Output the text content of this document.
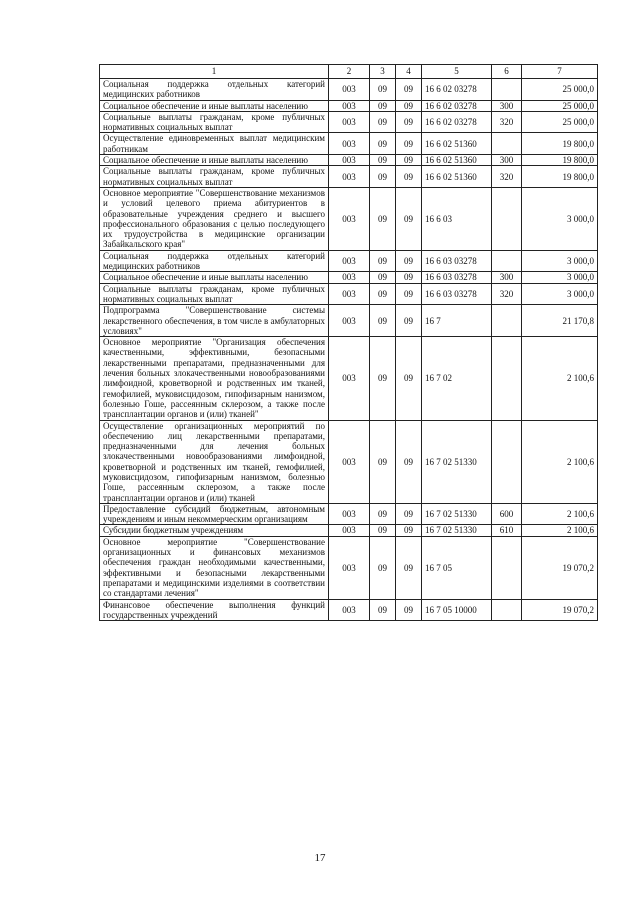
1	2	3	4	5	6	7
Социальная поддержка отдельных категорий медицинских работников	003	09	09	16 6 02 03278		25 000,0
Социальное обеспечение и иные выплаты населению	003	09	09	16 6 02 03278	300	25 000,0
Социальные выплаты гражданам, кроме публичных нормативных социальных выплат	003	09	09	16 6 02 03278	320	25 000,0
Осуществление единовременных выплат медицинским работникам	003	09	09	16 6 02 51360		19 800,0
Социальное обеспечение и иные выплаты населению	003	09	09	16 6 02 51360	300	19 800,0
Социальные выплаты гражданам, кроме публичных нормативных социальных выплат	003	09	09	16 6 02 51360	320	19 800,0
Основное мероприятие "Совершенствование механизмов и условий целевого приема абитуриентов в образовательные учреждения среднего и высшего профессионального образования с целью последующего их трудоустройства в медицинские организации Забайкальского края"	003	09	09	16 6 03		3 000,0
Социальная поддержка отдельных категорий медицинских работников	003	09	09	16 6 03 03278		3 000,0
Социальное обеспечение и иные выплаты населению	003	09	09	16 6 03 03278	300	3 000,0
Социальные выплаты гражданам, кроме публичных нормативных социальных выплат	003	09	09	16 6 03 03278	320	3 000,0
Подпрограмма "Совершенствование системы лекарственного обеспечения, в том числе в амбулаторных условиях"	003	09	09	16 7		21 170,8
Основное мероприятие "Организация обеспечения качественными, эффективными, безопасными лекарственными препаратами, предназначенными для лечения больных злокачественными новообразованиями лимфоидной, кроветворной и родственных им тканей, гемофилией, муковисцидозом, гипофизарным нанизмом, болезнью Гоше, рассеянным склерозом, а также после трансплантации органов и (или) тканей"	003	09	09	16 7 02		2 100,6
Осуществление организационных мероприятий по обеспечению лиц лекарственными препаратами, предназначенными для лечения больных злокачественными новообразованиями лимфоидной, кроветворной и родственных им тканей, гемофилией, муковисцидозом, гипофизарным нанизмом, болезнью Гоше, рассеянным склерозом, а также после трансплантации органов и (или) тканей	003	09	09	16 7 02 51330		2 100,6
Предоставление субсидий бюджетным, автономным учреждениям и иным некоммерческим организациям	003	09	09	16 7 02 51330	600	2 100,6
Субсидии бюджетным учреждениям	003	09	09	16 7 02 51330	610	2 100,6
Основное мероприятие "Совершенствование организационных и финансовых механизмов обеспечения граждан необходимыми качественными, эффективными и безопасными лекарственными препаратами и медицинскими изделиями в соответствии со стандартами лечения"	003	09	09	16 7 05		19 070,2
Финансовое обеспечение выполнения функций государственных учреждений	003	09	09	16 7 05 10000		19 070,2
17
